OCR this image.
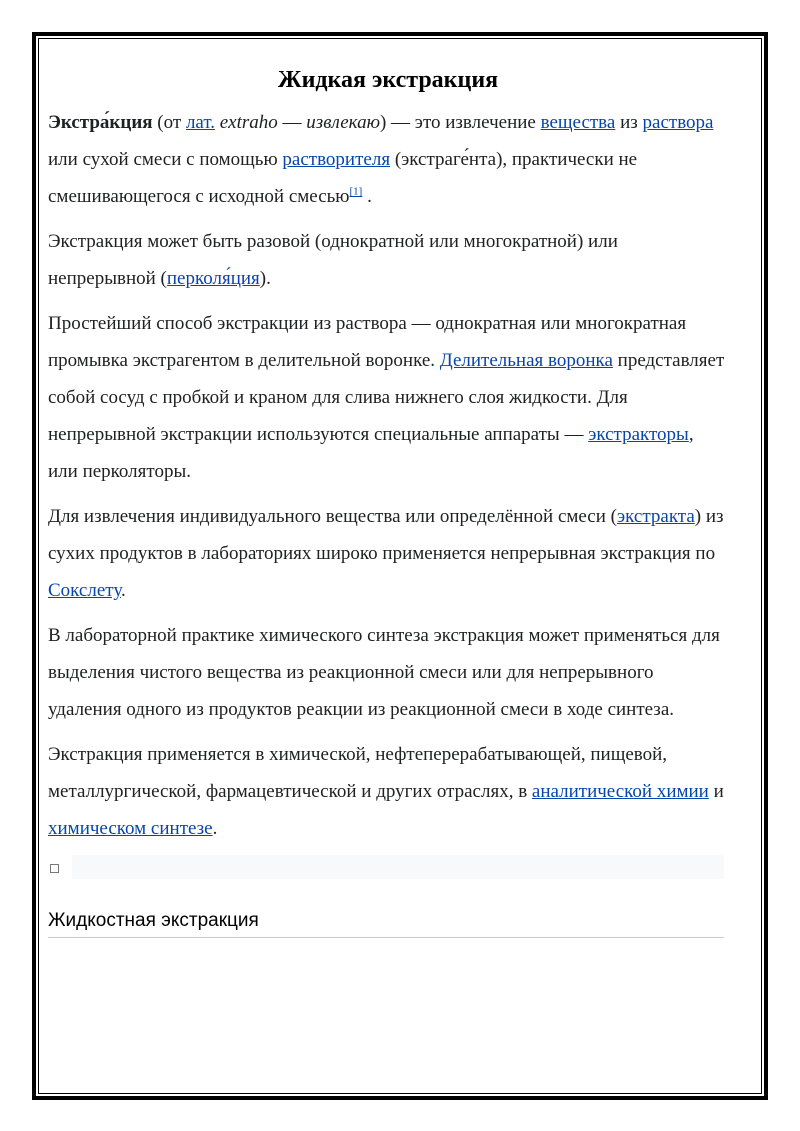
Жидкая экстракция

Экстра́кция (от лат. extraho — извлекаю) — это извлечение вещества из раствора или сухой смеси с помощью растворителя (экстраге́нта), практически не смешивающегося с исходной смесью[1] .

Экстракция может быть разовой (однократной или многократной) или непрерывной (перколя́ция).

Простейший способ экстракции из раствора — однократная или многократная промывка экстрагентом в делительной воронке. Делительная воронка представляет собой сосуд с пробкой и краном для слива нижнего слоя жидкости. Для непрерывной экстракции используются специальные аппараты — экстракторы, или перколяторы.

Для извлечения индивидуального вещества или определённой смеси (экстракта) из сухих продуктов в лабораториях широко применяется непрерывная экстракция по Сокслету.

В лабораторной практике химического синтеза экстракция может применяться для выделения чистого вещества из реакционной смеси или для непрерывного удаления одного из продуктов реакции из реакционной смеси в ходе синтеза.

Экстракция применяется в химической, нефтеперерабатывающей, пищевой, металлургической, фармацевтической и других отраслях, в аналитической химии и химическом синтезе.

Жидкостная экстракция
